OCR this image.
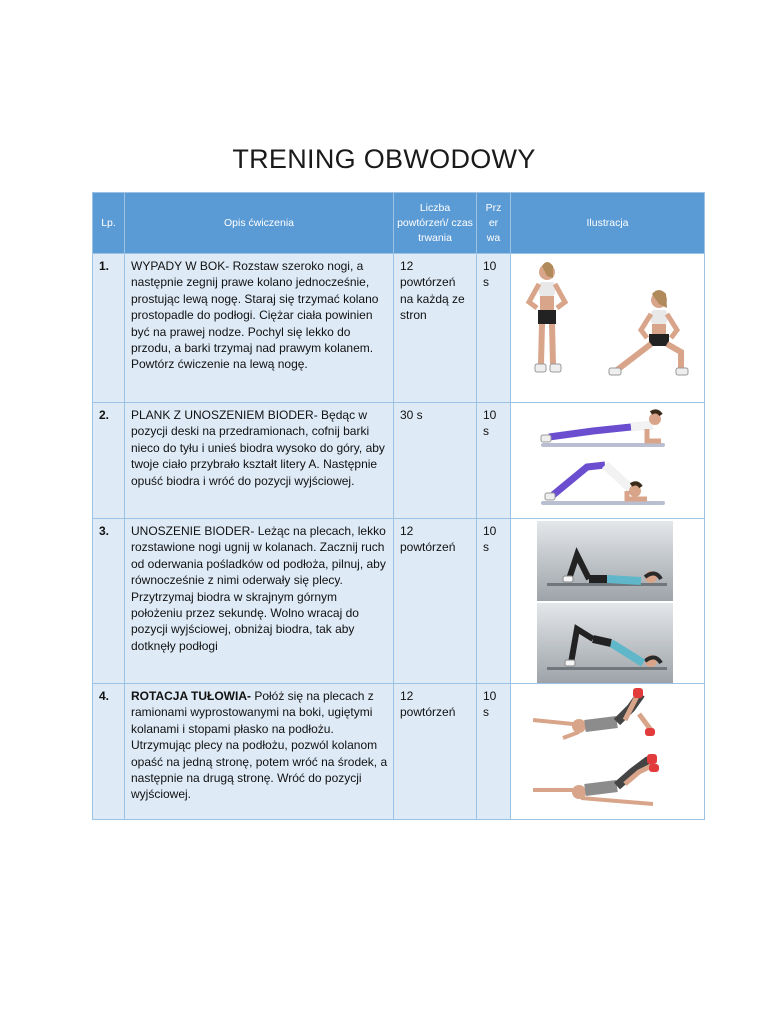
TRENING OBWODOWY
Lp.	Opis ćwiczenia	Liczba powtórzeń/ czas trwania	Prz
er
wa	Ilustracja
1.	WYPADY W BOK- Rozstaw szeroko nogi, a następnie zegnij prawe kolano jednocześnie, prostując lewą nogę. Staraj się trzymać kolano prostopadle do podłogi. Ciężar ciała powinien być na prawej nodze. Pochyl się lekko do przodu, a barki trzymaj nad prawym kolanem. Powtórz ćwiczenie na lewą nogę.	12 powtórzeń na każdą ze stron	10
s

2.	PLANK Z UNOSZENIEM BIODER- Będąc w pozycji deski na przedramionach, cofnij barki nieco do tyłu i unieś biodra wysoko do góry, aby twoje ciało przybrało kształt litery A. Następnie opuść biodra i wróć do pozycji wyjściowej.	30 s	10
s

3.	UNOSZENIE BIODER- Leżąc na plecach, lekko rozstawione nogi ugnij w kolanach. Zacznij ruch od oderwania pośladków od podłoża, pilnuj, aby równocześnie z nimi oderwały się plecy. Przytrzymaj biodra w skrajnym górnym położeniu przez sekundę. Wolno wracaj do pozycji wyjściowej, obniżaj biodra, tak aby dotknęły podłogi	12 powtórzeń	10
s

4.	ROTACJA TUŁOWIA- Połóż się na plecach z ramionami wyprostowanymi na boki, ugiętymi kolanami i stopami płasko na podłożu. Utrzymując plecy na podłożu, pozwól kolanom opaść na jedną stronę, potem wróć na środek, a następnie na drugą stronę. Wróć do pozycji wyjściowej.	12 powtórzeń	10
s
